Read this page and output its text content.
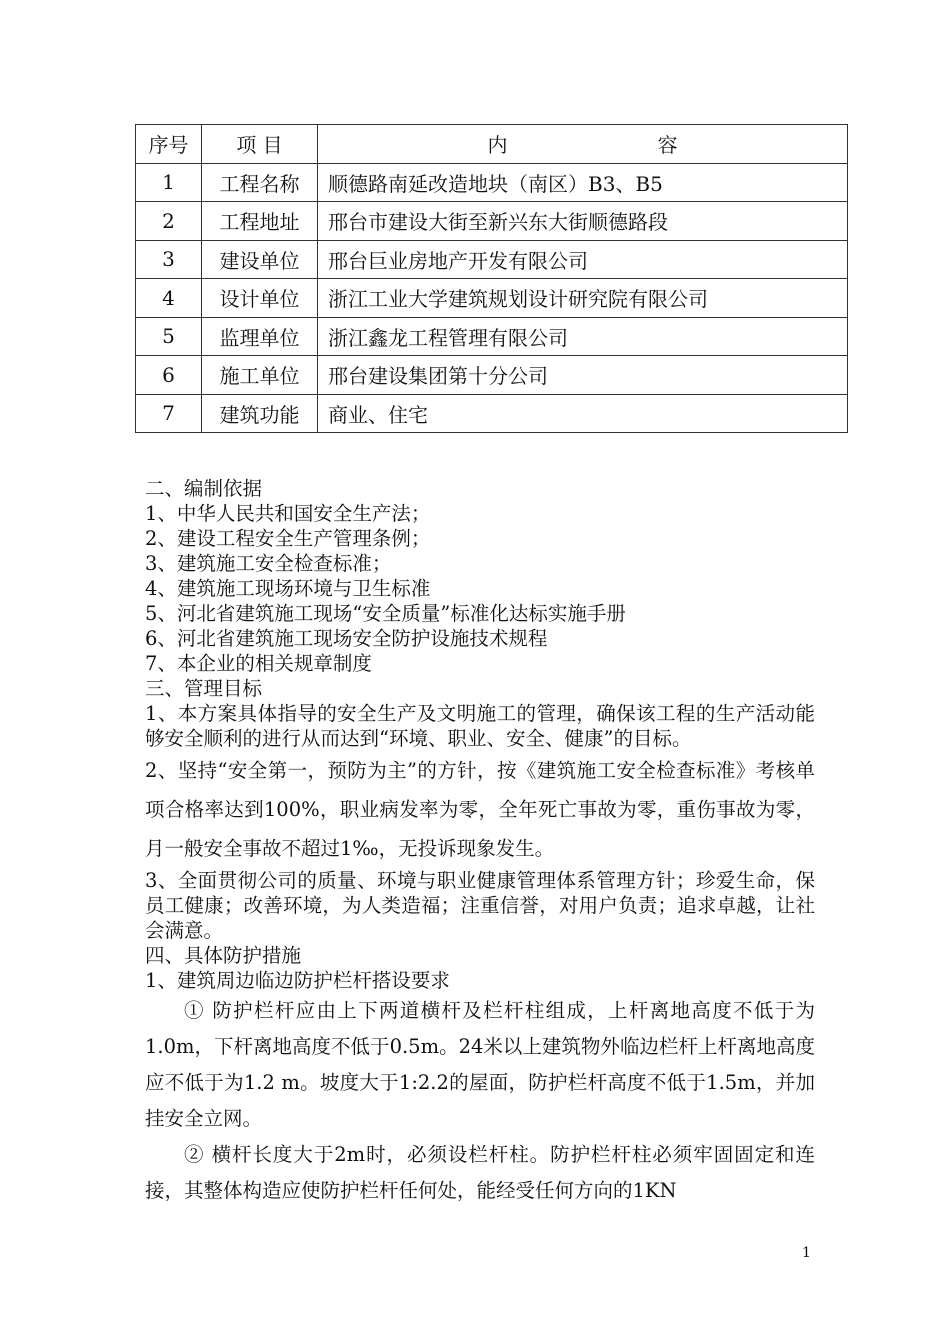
序号	项 目	内 容
1	工程名称	顺德路南延改造地块（南区）B3、B5
2	工程地址	邢台市建设大街至新兴东大街顺德路段
3	建设单位	邢台巨业房地产开发有限公司
4	设计单位	浙江工业大学建筑规划设计研究院有限公司
5	监理单位	浙江鑫龙工程管理有限公司
6	施工单位	邢台建设集团第十分公司
7	建筑功能	商业、住宅
二、编制依据
1、中华人民共和国安全生产法；
2、建设工程安全生产管理条例；
3、建筑施工安全检查标准；
4、建筑施工现场环境与卫生标准
5、河北省建筑施工现场“安全质量”标准化达标实施手册
6、河北省建筑施工现场安全防护设施技术规程
7、本企业的相关规章制度
三、管理目标
1、本方案具体指导的安全生产及文明施工的管理，确保该工程的生产活动能够安全顺利的进行从而达到“环境、职业、安全、健康”的目标。
2、坚持“安全第一，预防为主”的方针，按《建筑施工安全检查标准》考核单项合格率达到100%，职业病发率为零，全年死亡事故为零，重伤事故为零，月一般安全事故不超过1‰，无投诉现象发生。
3、全面贯彻公司的质量、环境与职业健康管理体系管理方针；珍爱生命，保员工健康；改善环境，为人类造福；注重信誉，对用户负责；追求卓越，让社会满意。
四、具体防护措施
1、建筑周边临边防护栏杆搭设要求
① 防护栏杆应由上下两道横杆及栏杆柱组成，上杆离地高度不低于为1.0m，下杆离地高度不低于0.5m。24米以上建筑物外临边栏杆上杆离地高度应不低于为1.2 m。坡度大于1:2.2的屋面，防护栏杆高度不低于1.5m，并加挂安全立网。
② 横杆长度大于2m时，必须设栏杆柱。防护栏杆柱必须牢固固定和连接，其整体构造应使防护栏杆任何处，能经受任何方向的1KN
1
